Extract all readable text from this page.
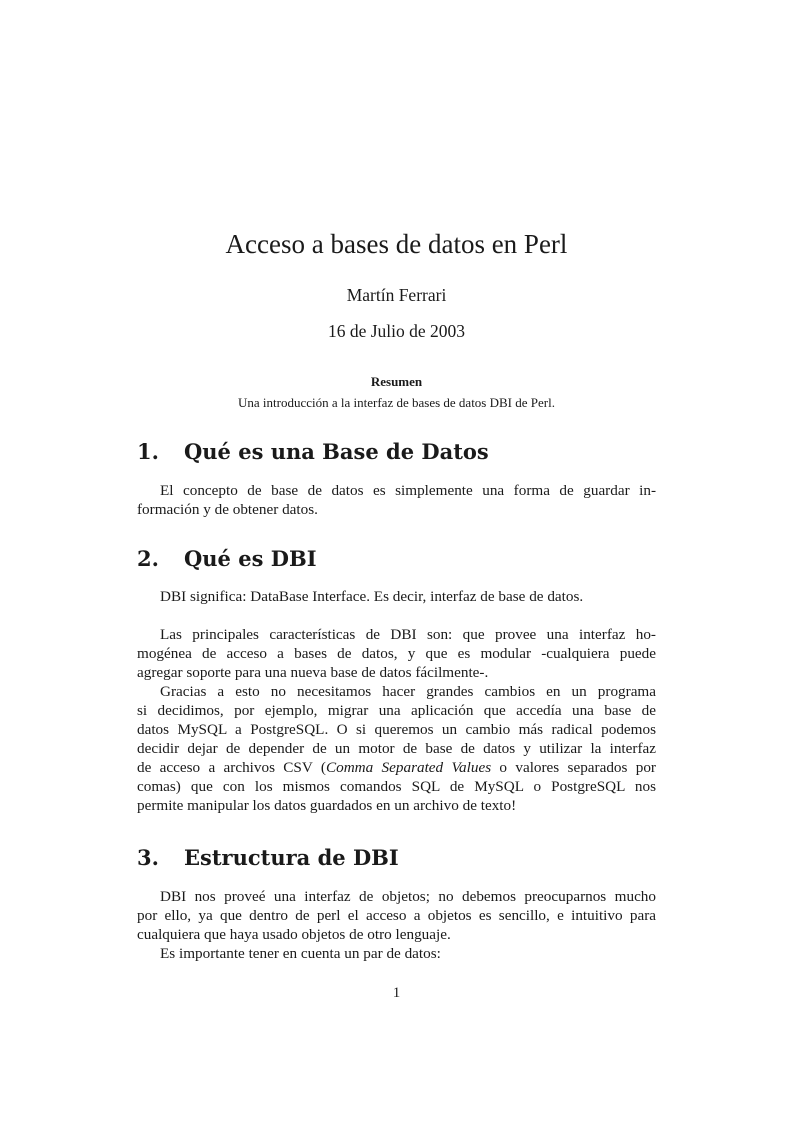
Acceso a bases de datos en Perl
Martín Ferrari
16 de Julio de 2003
Resumen
Una introducción a la interfaz de bases de datos DBI de Perl.
1. Qué es una Base de Datos
El concepto de base de datos es simplemente una forma de guardar in-
formación y de obtener datos.
2. Qué es DBI
DBI significa: DataBase Interface. Es decir, interfaz de base de datos.
Las principales características de DBI son: que provee una interfaz ho-
mogénea de acceso a bases de datos, y que es modular -cualquiera puede
agregar soporte para una nueva base de datos fácilmente-.
Gracias a esto no necesitamos hacer grandes cambios en un programa
si decidimos, por ejemplo, migrar una aplicación que accedía una base de
datos MySQL a PostgreSQL. O si queremos un cambio más radical podemos
decidir dejar de depender de un motor de base de datos y utilizar la interfaz
de acceso a archivos CSV (Comma Separated Values o valores separados por
comas) que con los mismos comandos SQL de MySQL o PostgreSQL nos
permite manipular los datos guardados en un archivo de texto!
3. Estructura de DBI
DBI nos proveé una interfaz de objetos; no debemos preocuparnos mucho
por ello, ya que dentro de perl el acceso a objetos es sencillo, e intuitivo para
cualquiera que haya usado objetos de otro lenguaje.
Es importante tener en cuenta un par de datos:
1
